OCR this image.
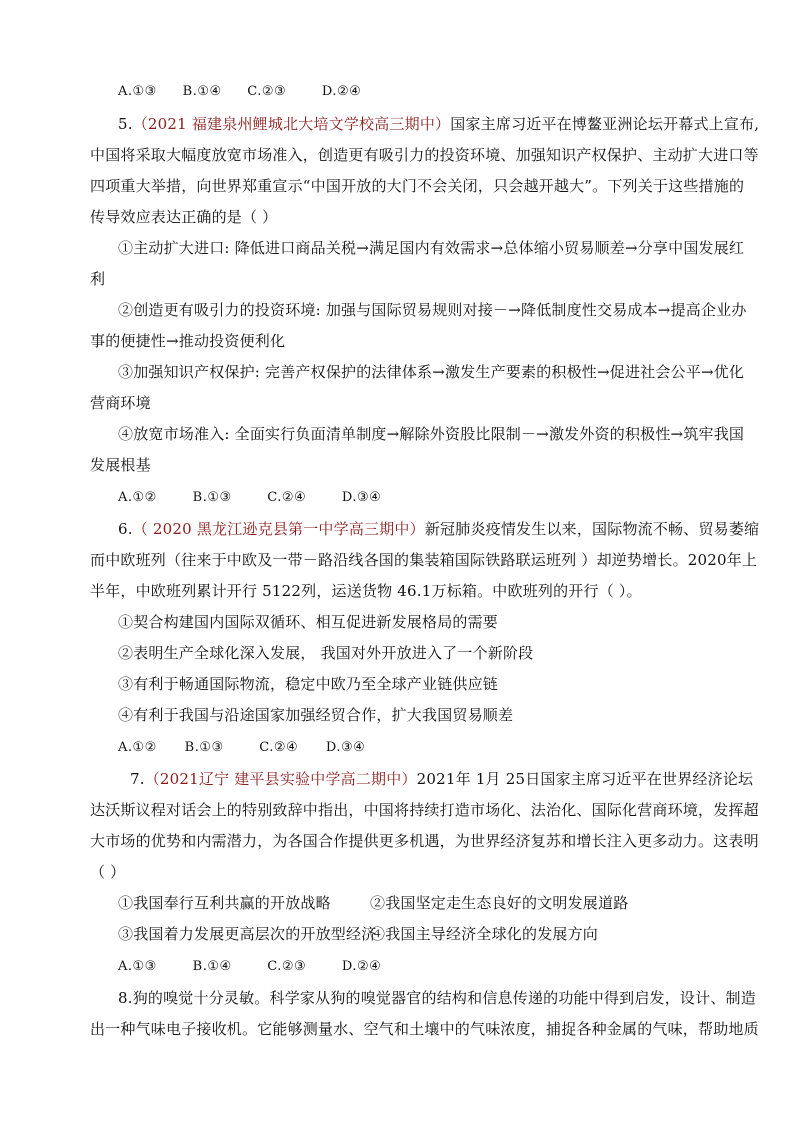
A.①③ B.①④ C.②③	D.②④
5.（2021 福建泉州鲤城北大培文学校高三期中）国家主席习近平在博鳌亚洲论坛开幕式上宣布,
中国将采取大幅度放宽市场准入，创造更有吸引力的投资环境、加强知识产权保护、主动扩大进口等
四项重大举措，向世界郑重宣示“中国开放的大门不会关闭，只会越开越大”。下列关于这些措施的
传导效应表达正确的是（ ）
①主动扩大进口: 降低进口商品关税→满足国内有效需求→总体缩小贸易顺差→分享中国发展红
利
②创造更有吸引力的投资环境: 加强与国际贸易规则对接－→降低制度性交易成本→提高企业办
事的便捷性→推动投资便利化
③加强知识产权保护: 完善产权保护的法律体系→激发生产要素的积极性→促进社会公平→优化
营商环境
④放宽市场准入: 全面实行负面清单制度→解除外资股比限制－→激发外资的积极性→筑牢我国
发展根基
A.①②	B.①③	C.②④	D.③④
6.（ 2020 黑龙江逊克县第一中学高三期中）新冠肺炎疫情发生以来，国际物流不畅、贸易萎缩
而中欧班列（往来于中欧及一带－路沿线各国的集装箱国际铁路联运班列 ）却逆势增长。2020年上
半年，中欧班列累计开行 5122列，运送货物 46.1万标箱。中欧班列的开行（ ）。
①契合构建国内国际双循环、相互促进新发展格局的需要
②表明生产全球化深入发展， 我国对外开放进入了一个新阶段
③有利于畅通国际物流，稳定中欧乃至全球产业链供应链
④有利于我国与沿途国家加强经贸合作，扩大我国贸易顺差
A.①② B.①③	C.②④ D.③④
7.（2021辽宁 建平县实验中学高二期中）2021年 1月 25日国家主席习近平在世界经济论坛
达沃斯议程对话会上的特别致辞中指出，中国将持续打造市场化、法治化、国际化营商环境，发挥超
大市场的优势和内需潜力，为各国合作提供更多机遇，为世界经济复苏和增长注入更多动力。这表明
（ ）
①我国奉行互利共赢的开放战略	②我国坚定走生态良好的文明发展道路
③我国着力发展更高层次的开放型经济④我国主导经济全球化的发展方向
A.①③	B.①④	C.②③	D.②④
8.狗的嗅觉十分灵敏。科学家从狗的嗅觉器官的结构和信息传递的功能中得到启发，设计、制造
出一种气味电子接收机。它能够测量水、空气和土壤中的气味浓度，捕捉各种金属的气味，帮助地质
